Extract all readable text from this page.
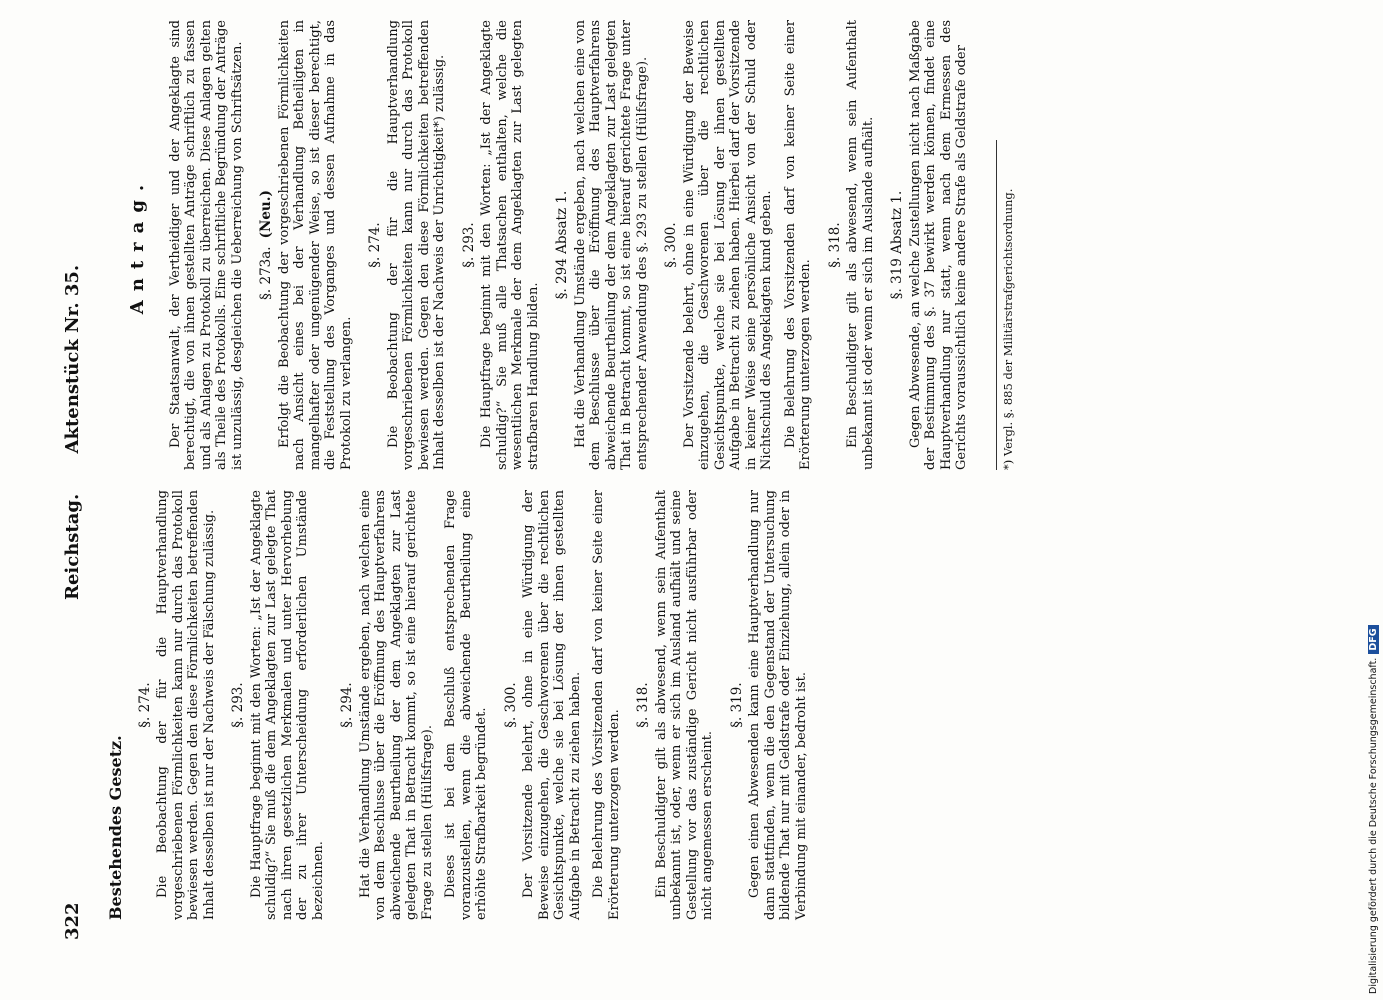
322
Reichstag. Aktenstück Nr. 35.
Bestehendes Gesetz.
§. 274. Die Beobachtung der für die Hauptverhandlung vorgeschriebenen Förmlichkeiten kann nur durch das Protokoll bewiesen werden. Gegen den diese Förmlichkeiten betreffenden Inhalt desselben ist nur der Nachweis der Fälschung zulässig. §. 293. Die Hauptfrage beginnt mit den Worten: „Ist der Angeklagte schuldig?“ Sie muß die dem Angeklagten zur Last gelegte That nach ihren gesetzlichen Merkmalen und unter Hervorhebung der zu ihrer Unterscheidung erforderlichen Umstände bezeichnen.

§. 294. Hat die Verhandlung Umstände ergeben, nach welchen eine von dem Beschlusse über die Eröffnung des Hauptverfahrens abweichende Beurtheilung der dem Angeklagten zur Last gelegten That in Betracht kommt, so ist eine hierauf gerichtete Frage zu stellen (Hülfsfrage). Dieses ist bei dem Beschluß entsprechenden Frage voranzustellen, wenn die abweichende Beurtheilung eine erhöhte Strafbarkeit begründet.

§. 300. Der Vorsitzende belehrt, ohne in eine Würdigung der Beweise einzugehen, die Geschworenen über die rechtlichen Gesichtspunkte, welche sie bei Lösung der ihnen gestellten Aufgabe in Betracht zu ziehen haben. Die Belehrung des Vorsitzenden darf von keiner Seite einer Erörterung unterzogen werden.

§. 318. Ein Beschuldigter gilt als abwesend, wenn sein Aufenthalt unbekannt ist, oder, wenn er sich im Ausland aufhält und seine Gestellung vor das zuständige Gericht nicht ausführbar oder nicht angemessen erscheint.

§. 319. Gegen einen Abwesenden kann eine Hauptverhandlung nur dann stattfinden, wenn die den Gegenstand der Untersuchung bildende That nur mit Geldstrafe oder Einziehung, allein oder in Verbindung mit einander, bedroht ist.

Antrag. Der Staatsanwalt, der Vertheidiger und der Angeklagte sind berechtigt, die von ihnen gestellten Anträge schriftlich zu fassen und als Anlagen zu Protokoll zu überreichen. Diese Anlagen gelten als Theile des Protokolls. Eine schriftliche Begründung der Anträge ist unzulässig, desgleichen die Ueberreichung von Schriftsätzen. §. 273a.(Neu.) Erfolgt die Beobachtung der vorgeschriebenen Förmlichkeiten nach Ansicht eines bei der Verhandlung Betheiligten in mangelhafter oder ungenügender Weise, so ist dieser berechtigt, die Feststellung des Vorganges und dessen Aufnahme in das Protokoll zu verlangen.

§. 274. Die Beobachtung der für die Hauptverhandlung vorgeschriebenen Förmlichkeiten kann nur durch das Protokoll bewiesen werden. Gegen den diese Förmlichkeiten betreffenden Inhalt desselben ist der Nachweis der Unrichtigkeit*) zulässig. §. 293. Die Hauptfrage beginnt mit den Worten: „Ist der Angeklagte schuldig?“ Sie muß alle Thatsachen enthalten, welche die wesentlichen Merkmale der dem Angeklagten zur Last gelegten strafbaren Handlung bilden.

§. 294 Absatz 1. Hat die Verhandlung Umstände ergeben, nach welchen eine von dem Beschlusse über die Eröffnung des Hauptverfahrens abweichende Beurtheilung der dem Angeklagten zur Last gelegten That in Betracht kommt, so ist eine hierauf gerichtete Frage unter entsprechender Anwendung des §. 293 zu stellen (Hülfsfrage). §. 300. Der Vorsitzende belehrt, ohne in eine Würdigung der Beweise einzugehen, die Geschworenen über die rechtlichen Gesichtspunkte, welche sie bei Lösung der ihnen gestellten Aufgabe in Betracht zu ziehen haben. Hierbei darf der Vorsitzende in keiner Weise seine persönliche Ansicht von der Schuld oder Nichtschuld des Angeklagten kund geben. Die Belehrung des Vorsitzenden darf von keiner Seite einer Erörterung unterzogen werden.

§. 318. Ein Beschuldigter gilt als abwesend, wenn sein Aufenthalt unbekannt ist oder wenn er sich im Auslande aufhält. §. 319 Absatz 1. Gegen Abwesende, an welche Zustellungen nicht nach Maßgabe der Bestimmung des §. 37 bewirkt werden können, findet eine Hauptverhandlung nur statt, wenn nach dem Ermessen des Gerichts voraussichtlich keine andere Strafe als Geldstrafe oder	*) Vergl. §. 885 der Militärstrafgerichtsordnung.
Digitalisierung gefördert durch die Deutsche Forschungsgemeinschaft.DFG
